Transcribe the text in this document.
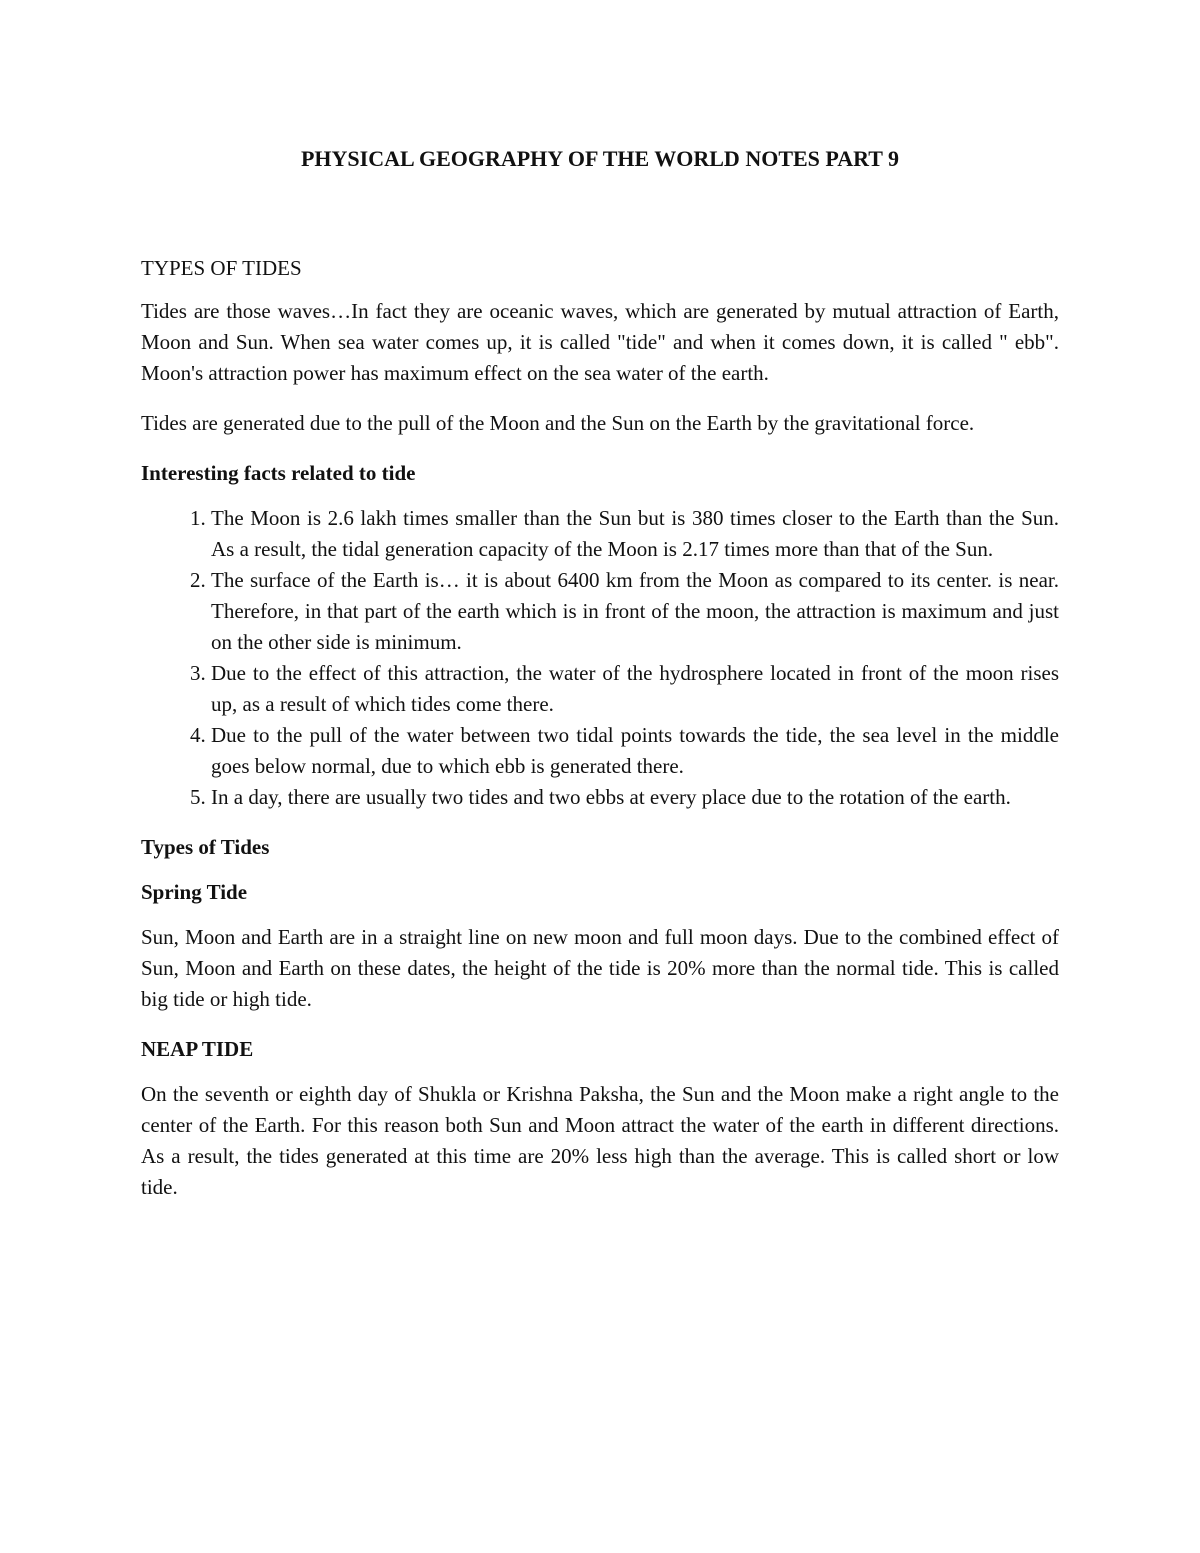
PHYSICAL GEOGRAPHY OF THE WORLD NOTES PART 9
TYPES OF TIDES

Tides are those waves…In fact they are oceanic waves, which are generated by mutual attraction of Earth, Moon and Sun. When sea water comes up, it is called "tide" and when it comes down, it is called " ebb". Moon's attraction power has maximum effect on the sea water of the earth.

Tides are generated due to the pull of the Moon and the Sun on the Earth by the gravitational force.

Interesting facts related to tide
1. The Moon is 2.6 lakh times smaller than the Sun but is 380 times closer to the Earth than the Sun. As a result, the tidal generation capacity of the Moon is 2.17 times more than that of the Sun.
2. The surface of the Earth is… it is about 6400 km from the Moon as compared to its center. is near. Therefore, in that part of the earth which is in front of the moon, the attraction is maximum and just on the other side is minimum.
3. Due to the effect of this attraction, the water of the hydrosphere located in front of the moon rises up, as a result of which tides come there.
4. Due to the pull of the water between two tidal points towards the tide, the sea level in the middle goes below normal, due to which ebb is generated there.
5. In a day, there are usually two tides and two ebbs at every place due to the rotation of the earth.
Types of Tides
Spring Tide

Sun, Moon and Earth are in a straight line on new moon and full moon days. Due to the combined effect of Sun, Moon and Earth on these dates, the height of the tide is 20% more than the normal tide. This is called big tide or high tide.

NEAP TIDE

On the seventh or eighth day of Shukla or Krishna Paksha, the Sun and the Moon make a right angle to the center of the Earth. For this reason both Sun and Moon attract the water of the earth in different directions. As a result, the tides generated at this time are 20% less high than the average. This is called short or low tide.
